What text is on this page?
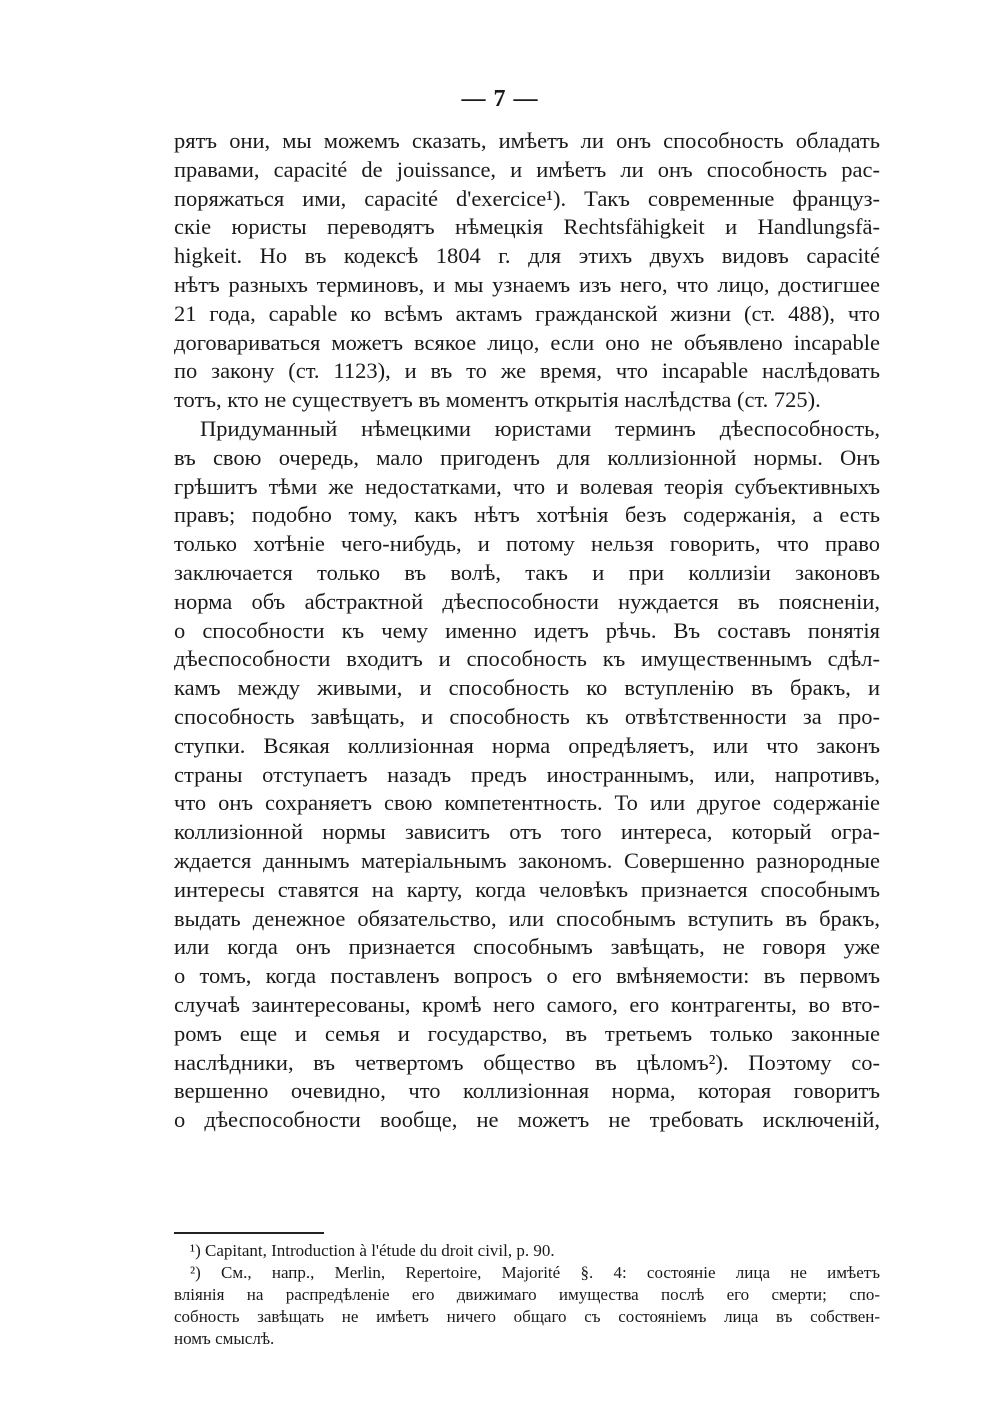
— 7 —
рятъ они, мы можемъ сказать, имѣетъ ли онъ способность обладать
правами, capacité de jouissance, и имѣетъ ли онъ способность рас-
поряжаться ими, capacité d'exercice¹). Такъ современные француз-
скіе юристы переводятъ нѣмецкія Rechtsfähigkeit и Handlungsfä-
higkeit. Но въ кодексѣ 1804 г. для этихъ двухъ видовъ capacité
нѣтъ разныхъ терминовъ, и мы узнаемъ изъ него, что лицо, достигшее
21 года, capable ко всѣмъ актамъ гражданской жизни (ст. 488), что
договариваться можетъ всякое лицо, если оно не объявлено incapable
по закону (ст. 1123), и въ то же время, что incapable наслѣдовать
тотъ, кто не существуетъ въ моментъ открытія наслѣдства (ст. 725).
Придуманный нѣмецкими юристами терминъ дѣеспособность,
въ свою очередь, мало пригоденъ для коллизіонной нормы. Онъ
грѣшитъ тѣми же недостатками, что и волевая теорія субъективныхъ
правъ; подобно тому, какъ нѣтъ хотѣнія безъ содержанія, а есть
только хотѣніе чего-нибудь, и потому нельзя говорить, что право
заключается только въ волѣ, такъ и при коллизіи законовъ
норма объ абстрактной дѣеспособности нуждается въ поясненіи,
о способности къ чему именно идетъ рѣчь. Въ составъ понятія
дѣеспособности входитъ и способность къ имущественнымъ сдѣл-
камъ между живыми, и способность ко вступленію въ бракъ, и
способность завѣщать, и способность къ отвѣтственности за про-
ступки. Всякая коллизіонная норма опредѣляетъ, или что законъ
страны отступаетъ назадъ предъ иностраннымъ, или, напротивъ,
что онъ сохраняетъ свою компетентность. То или другое содержаніе
коллизіонной нормы зависитъ отъ того интереса, который огра-
ждается даннымъ матеріальнымъ закономъ. Совершенно разнородные
интересы ставятся на карту, когда человѣкъ признается способнымъ
выдать денежное обязательство, или способнымъ вступить въ бракъ,
или когда онъ признается способнымъ завѣщать, не говоря уже
о томъ, когда поставленъ вопросъ о его вмѣняемости: въ первомъ
случаѣ заинтересованы, кромѣ него самого, его контрагенты, во вто-
ромъ еще и семья и государство, въ третьемъ только законные
наслѣдники, въ четвертомъ общество въ цѣломъ²). Поэтому со-
вершенно очевидно, что коллизіонная норма, которая говоритъ
о дѣеспособности вообще, не можетъ не требовать исключеній,
¹) Capitant, Introduction à l'étude du droit civil, p. 90.
²) См., напр., Merlin, Repertoire, Majorité §. 4: состояніе лица не имѣетъ
вліянія на распредѣленіе его движимаго имущества послѣ его смерти; спо-
собность завѣщать не имѣетъ ничего общаго съ состояніемъ лица въ собствен-
номъ смыслѣ.
